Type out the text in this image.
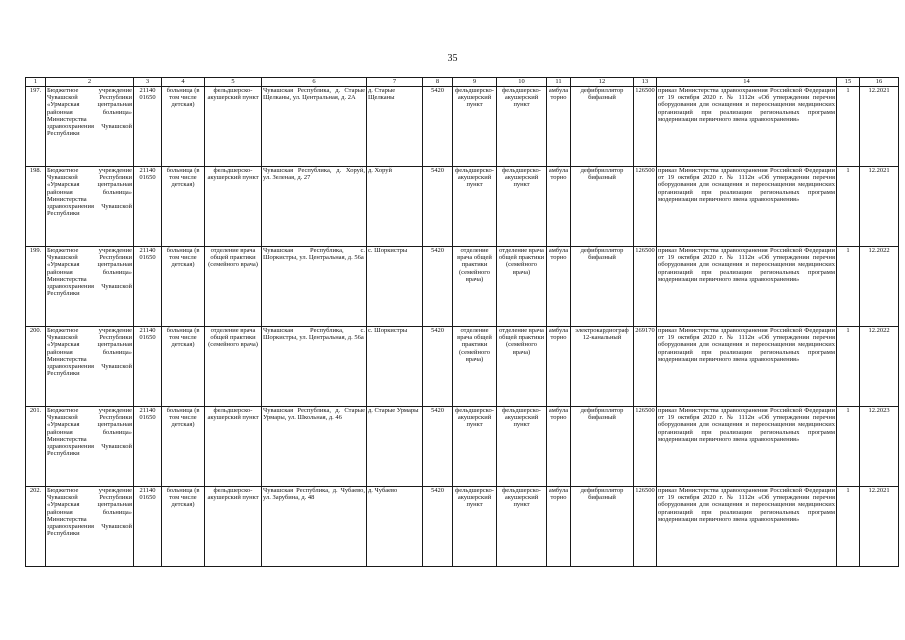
35
1	2	3	4	5	6	7	8	9	10	11	12	13	14	15	16
197.	Бюджетное учреждение Чувашской Республики «Урмарская центральная районная больница» Министерства здравоохранения Чувашской Республики	21140 01650	больница (в том числе детская)	фельдшерско-акушерский пункт	Чувашская Республика, д. Старые Щелканы, ул. Центральная, д. 2А	д. Старые Щелканы	5420	фельдшерско-акушерский пункт	фельдшерско-акушерский пункт	амбулаторно	дефибриллятор бифазный	126500	приказ Министерства здравоохранения Российской Федерации от 19 октября 2020 г. № 1112н «Об утверждении перечня оборудования для оснащения и переоснащения медицинских организаций при реализации региональных программ модернизации первичного звена здравоохранения»	1	12.2021
198.	Бюджетное учреждение Чувашской Республики «Урмарская центральная районная больница» Министерства здравоохранения Чувашской Республики	21140 01650	больница (в том числе детская)	фельдшерско-акушерский пункт	Чувашская Республика, д. Хоруй, ул. Зеленая, д. 27	д. Хоруй	5420	фельдшерско-акушерский пункт	фельдшерско-акушерский пункт	амбулаторно	дефибриллятор бифазный	126500	приказ Министерства здравоохранения Российской Федерации от 19 октября 2020 г. № 1112н «Об утверждении перечня оборудования для оснащения и переоснащения медицинских организаций при реализации региональных программ модернизации первичного звена здравоохранения»	1	12.2021
199.	Бюджетное учреждение Чувашской Республики «Урмарская центральная районная больница» Министерства здравоохранения Чувашской Республики	21140 01650	больница (в том числе детская)	отделение врача общей практики (семейного врача)	Чувашская Республика, с. Шоркистры, ул. Центральная, д. 56а	с. Шоркистры	5420	отделение врача общей практики (семейного врача)	отделение врача общей практики (семейного врача)	амбулаторно	дефибриллятор бифазный	126500	приказ Министерства здравоохранения Российской Федерации от 19 октября 2020 г. № 1112н «Об утверждении перечня оборудования для оснащения и переоснащения медицинских организаций при реализации региональных программ модернизации первичного звена здравоохранения»	1	12.2022
200.	Бюджетное учреждение Чувашской Республики «Урмарская центральная районная больница» Министерства здравоохранения Чувашской Республики	21140 01650	больница (в том числе детская)	отделение врача общей практики (семейного врача)	Чувашская Республика, с. Шоркистры, ул. Центральная, д. 56а	с. Шоркистры	5420	отделение врача общей практики (семейного врача)	отделение врача общей практики (семейного врача)	амбулаторно	электрокардиограф 12-канальный	269170	приказ Министерства здравоохранения Российской Федерации от 19 октября 2020 г. № 1112н «Об утверждении перечня оборудования для оснащения и переоснащения медицинских организаций при реализации региональных программ модернизации первичного звена здравоохранения»	1	12.2022
201.	Бюджетное учреждение Чувашской Республики «Урмарская центральная районная больница» Министерства здравоохранения Чувашской Республики	21140 01650	больница (в том числе детская)	фельдшерско-акушерский пункт	Чувашская Республика, д. Старые Урмары, ул. Школьная, д. 46	д. Старые Урмары	5420	фельдшерско-акушерский пункт	фельдшерско-акушерский пункт	амбулаторно	дефибриллятор бифазный	126500	приказ Министерства здравоохранения Российской Федерации от 19 октября 2020 г. № 1112н «Об утверждении перечня оборудования для оснащения и переоснащения медицинских организаций при реализации региональных программ модернизации первичного звена здравоохранения»	1	12.2023
202.	Бюджетное учреждение Чувашской Республики «Урмарская центральная районная больница» Министерства здравоохранения Чувашской Республики	21140 01650	больница (в том числе детская)	фельдшерско-акушерский пункт	Чувашская Республика, д. Чубаево, ул. Зарубина, д. 48	д. Чубаево	5420	фельдшерско-акушерский пункт	фельдшерско-акушерский пункт	амбулаторно	дефибриллятор бифазный	126500	приказ Министерства здравоохранения Российской Федерации от 19 октября 2020 г. № 1112н «Об утверждении перечня оборудования для оснащения и переоснащения медицинских организаций при реализации региональных программ модернизации первичного звена здравоохранения»	1	12.2021
